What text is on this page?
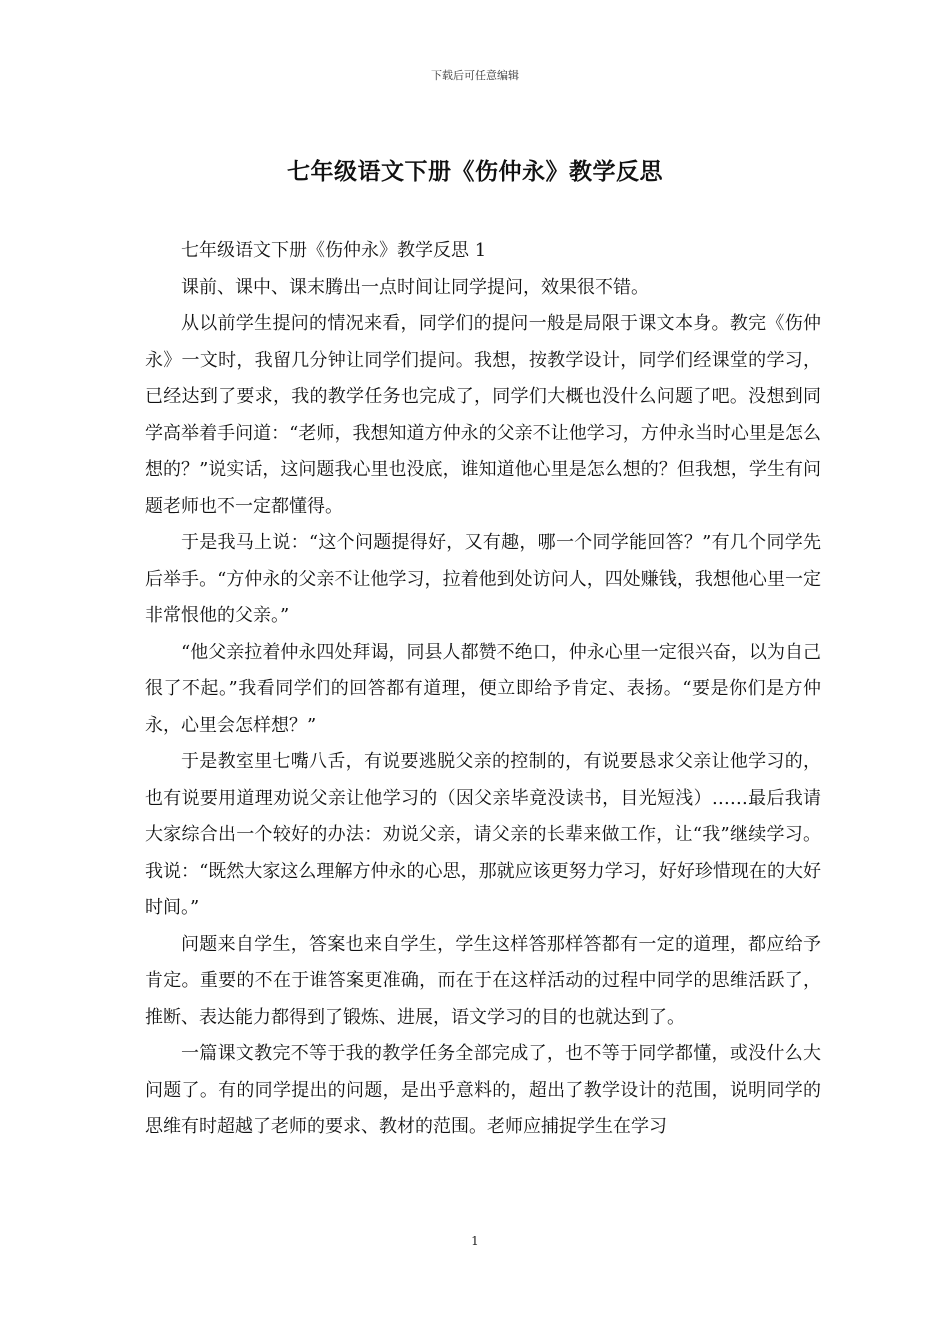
下载后可任意编辑
七年级语文下册《伤仲永》教学反思

七年级语文下册《伤仲永》教学反思 1

课前、课中、课末腾出一点时间让同学提问，效果很不错。

从以前学生提问的情况来看，同学们的提问一般是局限于课文本身。教完《伤仲永》一文时，我留几分钟让同学们提问。我想，按教学设计，同学们经课堂的学习，已经达到了要求，我的教学任务也完成了，同学们大概也没什么问题了吧。没想到同学高举着手问道：“老师，我想知道方仲永的父亲不让他学习，方仲永当时心里是怎么想的？”说实话，这问题我心里也没底，谁知道他心里是怎么想的？但我想，学生有问题老师也不一定都懂得。

于是我马上说：“这个问题提得好，又有趣，哪一个同学能回答？”有几个同学先后举手。“方仲永的父亲不让他学习，拉着他到处访问人，四处赚钱，我想他心里一定非常恨他的父亲。”

“他父亲拉着仲永四处拜谒，同县人都赞不绝口，仲永心里一定很兴奋，以为自己很了不起。”我看同学们的回答都有道理，便立即给予肯定、表扬。“要是你们是方仲永，心里会怎样想？”

于是教室里七嘴八舌，有说要逃脱父亲的控制的，有说要恳求父亲让他学习的，也有说要用道理劝说父亲让他学习的（因父亲毕竟没读书，目光短浅）……最后我请大家综合出一个较好的办法：劝说父亲，请父亲的长辈来做工作，让“我”继续学习。我说：“既然大家这么理解方仲永的心思，那就应该更努力学习，好好珍惜现在的大好时间。”

问题来自学生，答案也来自学生，学生这样答那样答都有一定的道理，都应给予肯定。重要的不在于谁答案更准确，而在于在这样活动的过程中同学的思维活跃了，推断、表达能力都得到了锻炼、进展，语文学习的目的也就达到了。

一篇课文教完不等于我的教学任务全部完成了，也不等于同学都懂，或没什么大问题了。有的同学提出的问题，是出乎意料的，超出了教学设计的范围，说明同学的思维有时超越了老师的要求、教材的范围。老师应捕捉学生在学习

1
